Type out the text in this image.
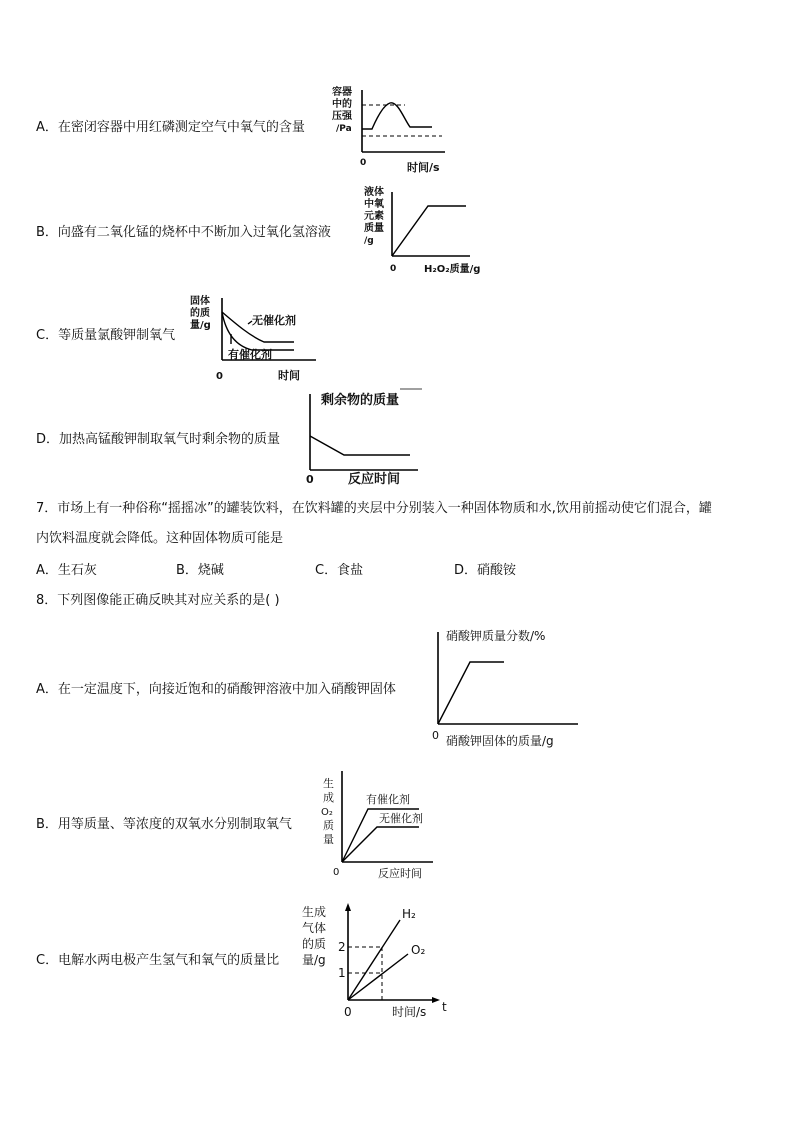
A．在密闭容器中用红磷测定空气中氧气的含量
容器
中的
压强
/Pa
0	时间/s
B．向盛有二氧化锰的烧杯中不断加入过氧化氢溶液
液体
中氧
元素
质量
/g
0	H₂O₂质量/g
C．等质量氯酸钾制氧气
固体
的质
量/g	无催化剂
有催化剂
0	时间
D．加热高锰酸钾制取氧气时剩余物的质量
剩余物的质量
0	反应时间
7．市场上有一种俗称“摇摇冰”的罐装饮料，在饮料罐的夹层中分别装入一种固体物质和水,饮用前摇动使它们混合，罐
内饮料温度就会降低。这种固体物质可能是
A．生石灰	B．烧碱	C．食盐	D．硝酸铵
8．下列图像能正确反映其对应关系的是( )
A．在一定温度下，向接近饱和的硝酸钾溶液中加入硝酸钾固体
硝酸钾质量分数/%
0 硝酸钾固体的质量/g
B．用等质量、等浓度的双氧水分别制取氧气
生
成
O₂
质
量
有催化剂
无催化剂
0	反应时间
C．电解水两电极产生氢气和氧气的质量比
生成
气体
的质
量/g
2
1
H₂
O₂
0	时间/s t
